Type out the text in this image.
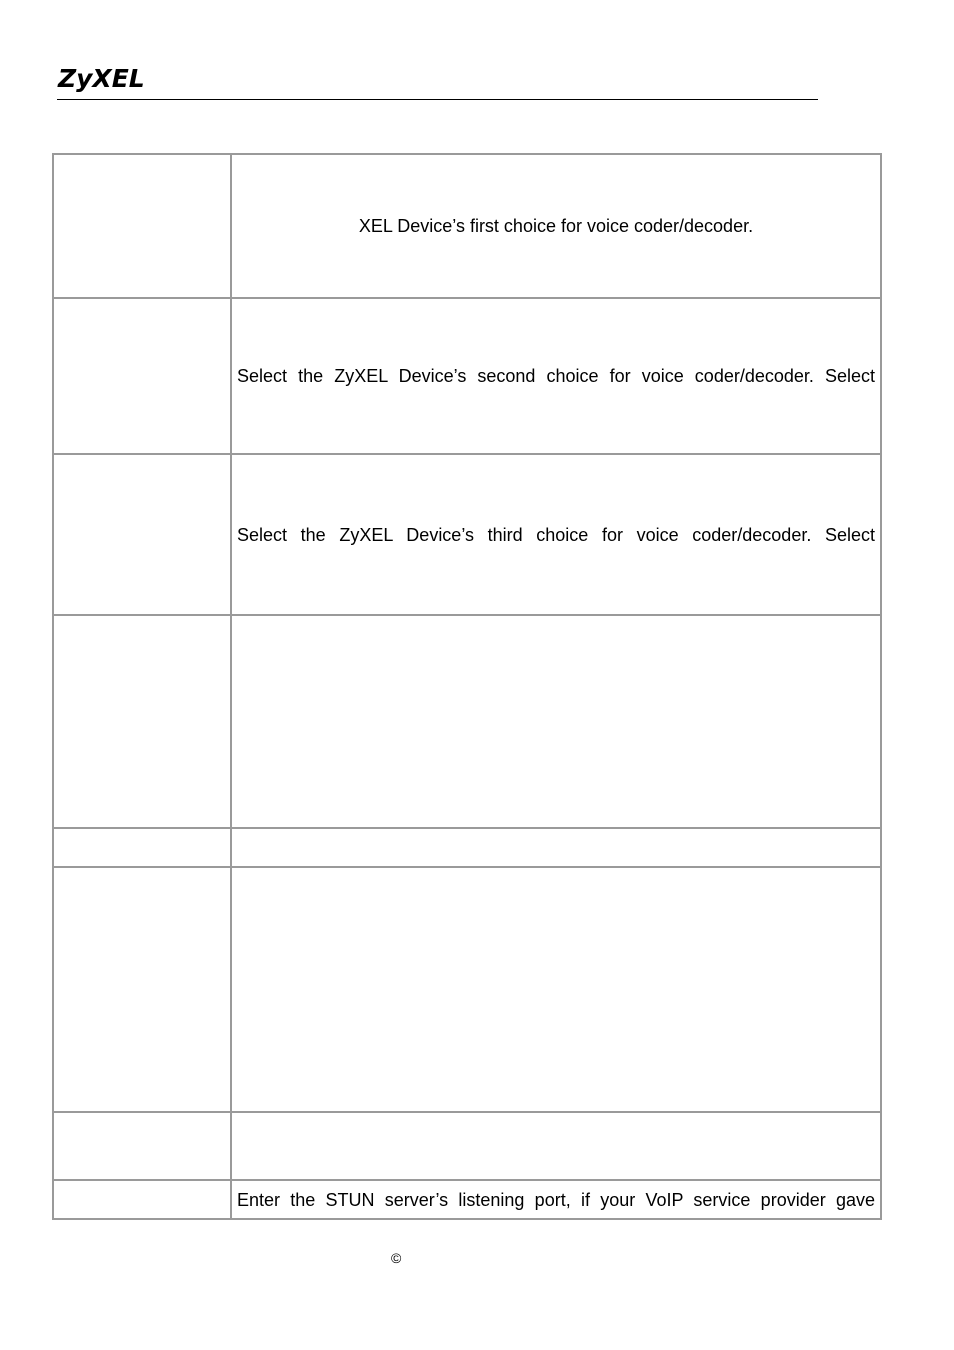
ZyXEL
	XEL Device’s first choice for voice coder/decoder.
	Select the ZyXEL Device’s second choice for voice coder/decoder. Select
	Select the ZyXEL Device’s third choice for voice coder/decoder. Select

	Enter the STUN server’s listening port, if your VoIP service provider gave
©
